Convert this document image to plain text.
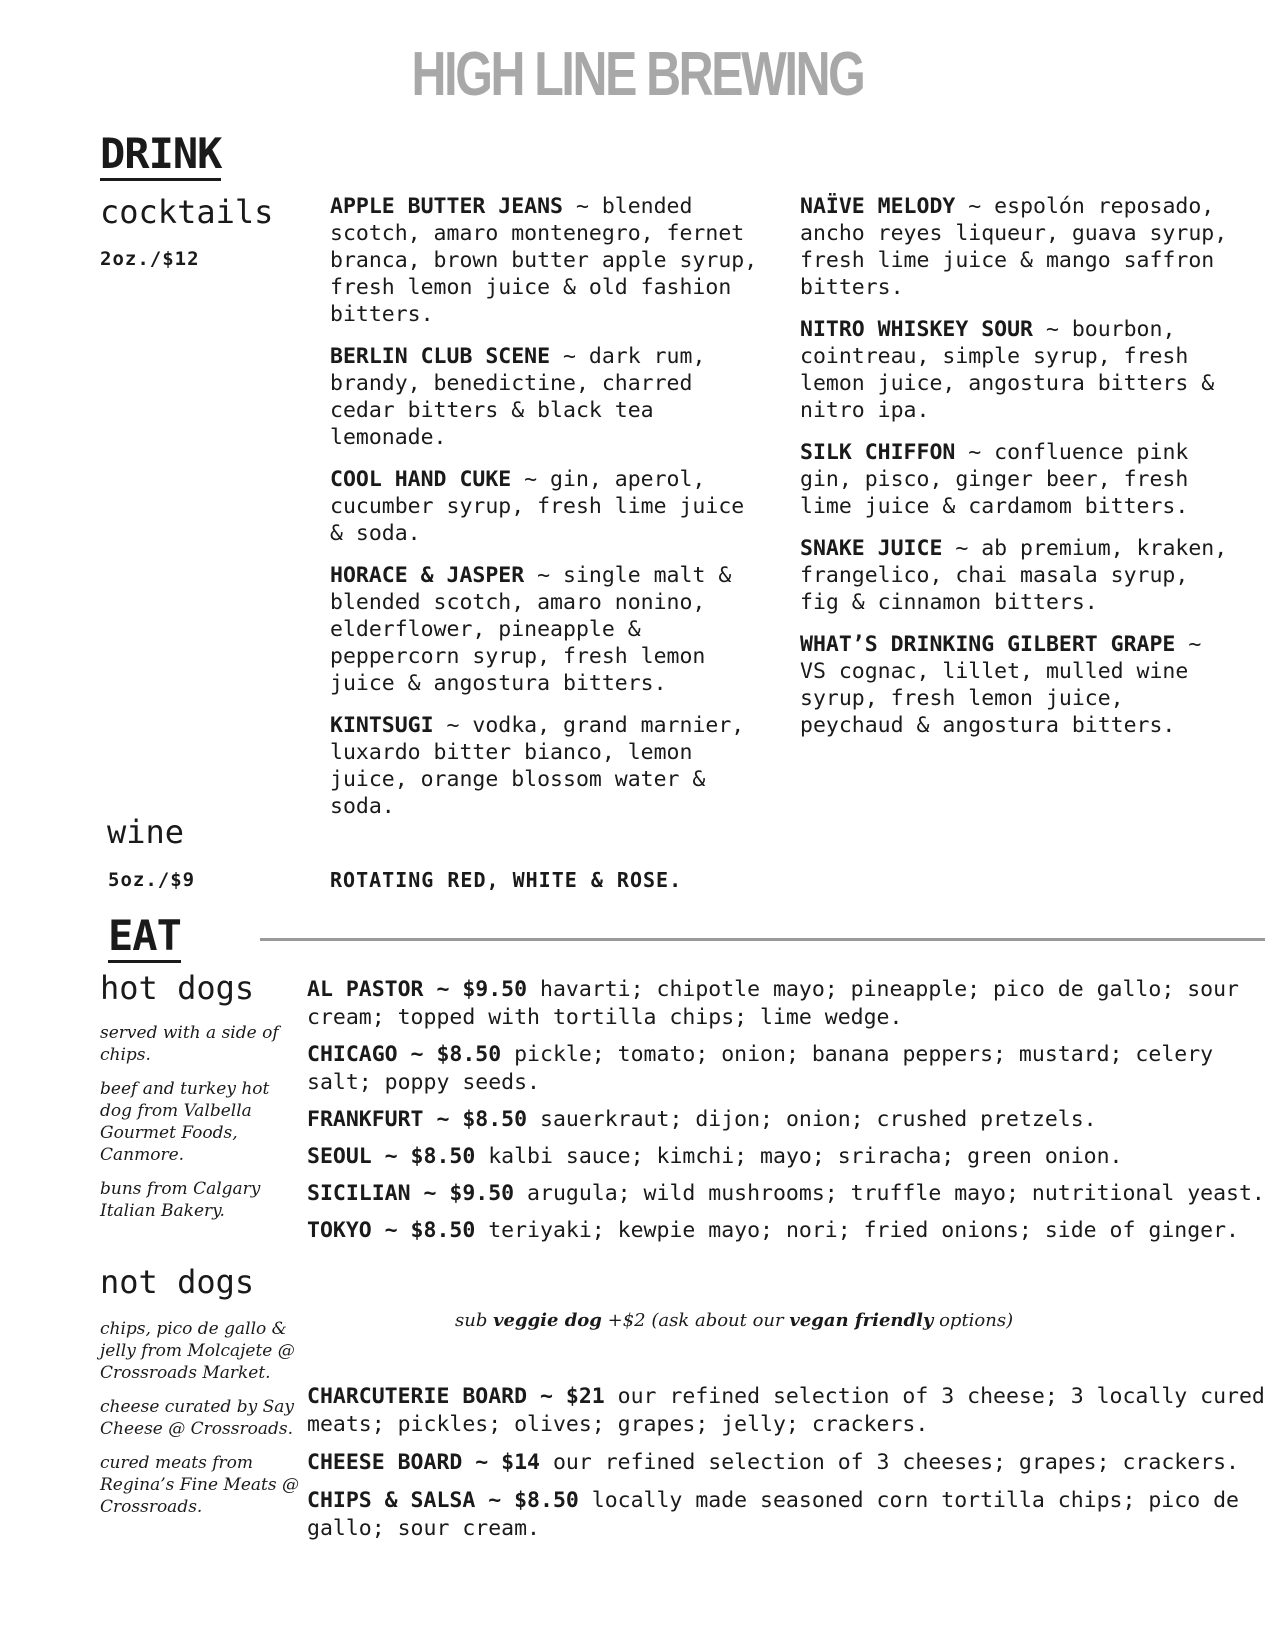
HIGH LINE BREWING
DRINK
cocktails
2oz./$12
APPLE BUTTER JEANS ~ blended scotch, amaro montenegro, fernet branca, brown butter apple syrup, fresh lemon juice & old fashion bitters.
BERLIN CLUB SCENE ~ dark rum, brandy, benedictine, charred cedar bitters & black tea lemonade.
COOL HAND CUKE ~ gin, aperol, cucumber syrup, fresh lime juice & soda.
HORACE & JASPER ~ single malt & blended scotch, amaro nonino, elderflower, pineapple & peppercorn syrup, fresh lemon juice & angostura bitters.
KINTSUGI ~ vodka, grand marnier, luxardo bitter bianco, lemon juice, orange blossom water & soda.
NAÏVE MELODY ~ espolón reposado, ancho reyes liqueur, guava syrup, fresh lime juice & mango saffron bitters.
NITRO WHISKEY SOUR ~ bourbon, cointreau, simple syrup, fresh lemon juice, angostura bitters & nitro ipa.
SILK CHIFFON ~ confluence pink gin, pisco, ginger beer, fresh lime juice & cardamom bitters.
SNAKE JUICE ~ ab premium, kraken, frangelico, chai masala syrup, fig & cinnamon bitters.
WHAT’S DRINKING GILBERT GRAPE ~ VS cognac, lillet, mulled wine syrup, fresh lemon juice, peychaud & angostura bitters.
wine
5oz./$9	ROTATING RED, WHITE & ROSE.
EAT
hot dogs
served with a side of chips.
beef and turkey hot dog from Valbella Gourmet Foods, Canmore.
buns from Calgary Italian Bakery.
AL PASTOR ~ $9.50 havarti; chipotle mayo; pineapple; pico de gallo; sour cream; topped with tortilla chips; lime wedge.
CHICAGO ~ $8.50 pickle; tomato; onion; banana peppers; mustard; celery salt; poppy seeds.
FRANKFURT ~ $8.50 sauerkraut; dijon; onion; crushed pretzels.
SEOUL ~ $8.50 kalbi sauce; kimchi; mayo; sriracha; green onion.
SICILIAN ~ $9.50 arugula; wild mushrooms; truffle mayo; nutritional yeast.
TOKYO ~ $8.50 teriyaki; kewpie mayo; nori; fried onions; side of ginger.
sub veggie dog +$2 (ask about our vegan friendly options)
not dogs
chips, pico de gallo & jelly from Molcajete @ Crossroads Market.
cheese curated by Say Cheese @ Crossroads.
cured meats from Regina’s Fine Meats @ Crossroads.
CHARCUTERIE BOARD ~ $21 our refined selection of 3 cheese; 3 locally cured meats; pickles; olives; grapes; jelly; crackers.
CHEESE BOARD ~ $14 our refined selection of 3 cheeses; grapes; crackers.
CHIPS & SALSA ~ $8.50 locally made seasoned corn tortilla chips; pico de gallo; sour cream.
